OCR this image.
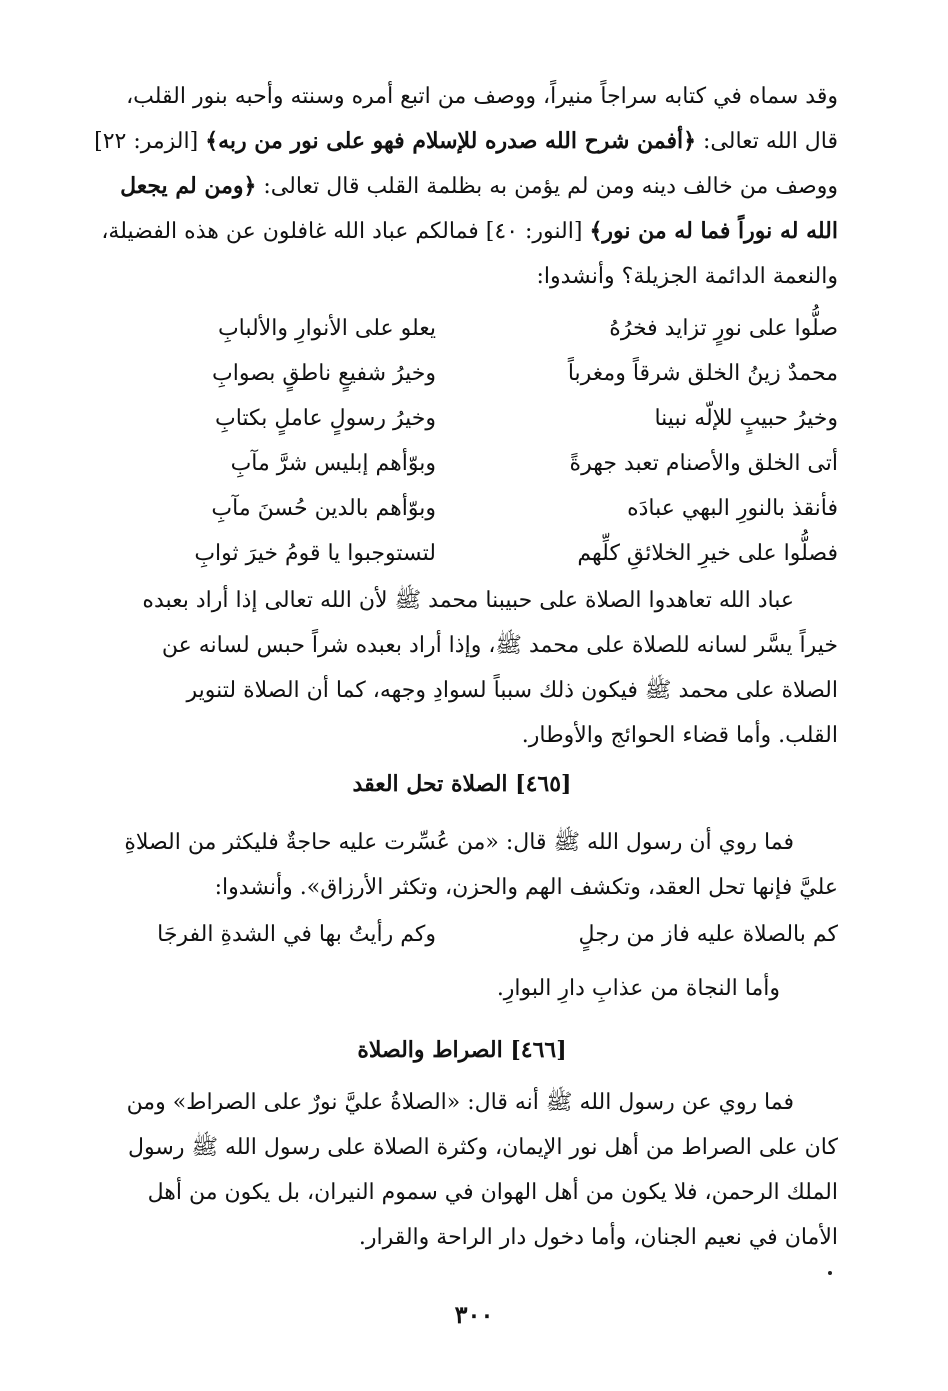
وقد سماه في كتابه سراجاً منيراً، ووصف من اتبع أمره وسنته وأحبه بنور القلب،
قال الله تعالى: ﴿أفمن شرح الله صدره للإسلام فهو على نور من ربه﴾ [الزمر: ٢٢]
ووصف من خالف دينه ومن لم يؤمن به بظلمة القلب قال تعالى: ﴿ومن لم يجعل
الله له نوراً فما له من نور﴾ [النور: ٤٠] فمالكم عباد الله غافلون عن هذه الفضيلة،
والنعمة الدائمة الجزيلة؟ وأنشدوا:
صلُّوا على نورٍ تزايد فخرُهُ
يعلو على الأنوارِ والألبابِ
محمدٌ زينُ الخلق شرقاً ومغرباً
وخيرُ شفيعٍ ناطقٍ بصوابِ
وخيرُ حبيبٍ للإلّه نبينا
وخيرُ رسولٍ عاملٍ بكتابِ
أتى الخلق والأصنام تعبد جهرةً
وبوّأهم إبليس شرَّ مآبِ
فأنقذ بالنورِ البهي عبادَه
وبوّأهم بالدين حُسنَ مآبِ
فصلُّوا على خيرِ الخلائقِ كلِّهم
لتستوجبوا يا قومُ خيرَ ثوابِ
عباد الله تعاهدوا الصلاة على حبيبنا محمد ﷺ لأن الله تعالى إذا أراد بعبده
خيراً يسَّر لسانه للصلاة على محمد ﷺ، وإذا أراد بعبده شراً حبس لسانه عن
الصلاة على محمد ﷺ فيكون ذلك سبباً لسوادِ وجهه، كما أن الصلاة لتنوير
القلب. وأما قضاء الحوائج والأوطار.
[٤٦٥] الصلاة تحل العقد
فما روي أن رسول الله ﷺ قال: «من عُسِّرت عليه حاجةٌ فليكثر من الصلاةِ
عليَّ فإنها تحل العقد، وتكشف الهم والحزن، وتكثر الأرزاق». وأنشدوا:
كم بالصلاة عليه فاز من رجلٍ
وكم رأيتُ بها في الشدةِ الفرجَا
وأما النجاة من عذابِ دارِ البوارِ.
[٤٦٦] الصراط والصلاة
فما روي عن رسول الله ﷺ أنه قال: «الصلاةُ عليَّ نورٌ على الصراط» ومن
كان على الصراط من أهل نور الإيمان، وكثرة الصلاة على رسول الله ﷺ رسول
الملك الرحمن، فلا يكون من أهل الهوان في سموم النيران، بل يكون من أهل
الأمان في نعيم الجنان، وأما دخول دار الراحة والقرار.
٣٠٠
